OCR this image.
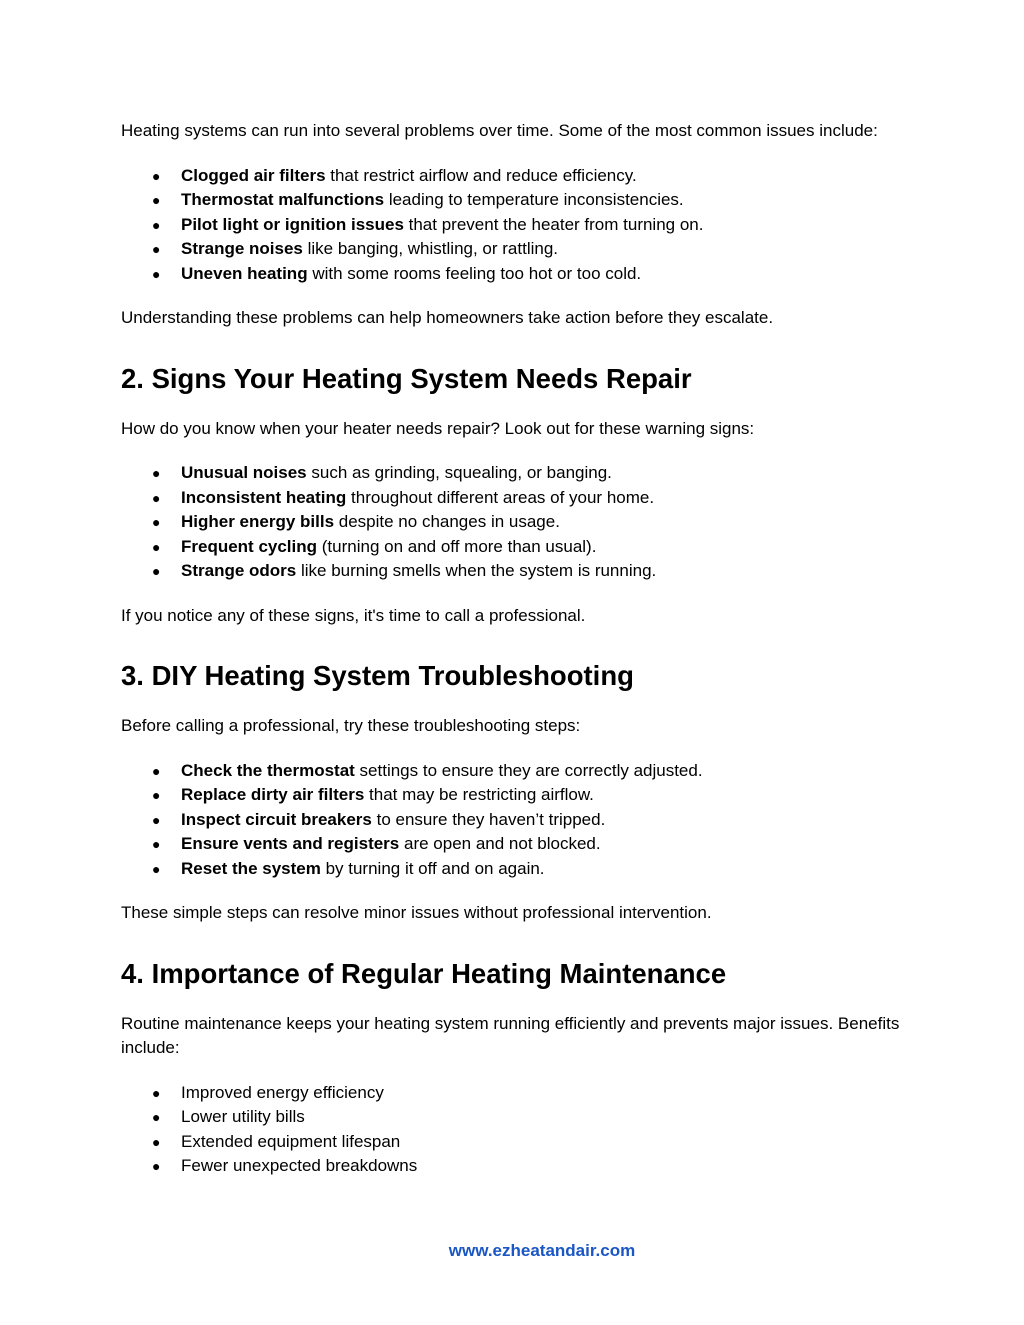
Heating systems can run into several problems over time. Some of the most common issues include:

● Clogged air filters that restrict airflow and reduce efficiency.
● Thermostat malfunctions leading to temperature inconsistencies.
● Pilot light or ignition issues that prevent the heater from turning on.
● Strange noises like banging, whistling, or rattling.
● Uneven heating with some rooms feeling too hot or too cold.

Understanding these problems can help homeowners take action before they escalate.

2. Signs Your Heating System Needs Repair

How do you know when your heater needs repair? Look out for these warning signs:

● Unusual noises such as grinding, squealing, or banging.
● Inconsistent heating throughout different areas of your home.
● Higher energy bills despite no changes in usage.
● Frequent cycling (turning on and off more than usual).
● Strange odors like burning smells when the system is running.

If you notice any of these signs, it's time to call a professional.

3. DIY Heating System Troubleshooting

Before calling a professional, try these troubleshooting steps:

● Check the thermostat settings to ensure they are correctly adjusted.
● Replace dirty air filters that may be restricting airflow.
● Inspect circuit breakers to ensure they haven’t tripped.
● Ensure vents and registers are open and not blocked.
● Reset the system by turning it off and on again.

These simple steps can resolve minor issues without professional intervention.

4. Importance of Regular Heating Maintenance

Routine maintenance keeps your heating system running efficiently and prevents major issues. Benefits include:

● Improved energy efficiency
● Lower utility bills
● Extended equipment lifespan
● Fewer unexpected breakdowns
www.ezheatandair.com
